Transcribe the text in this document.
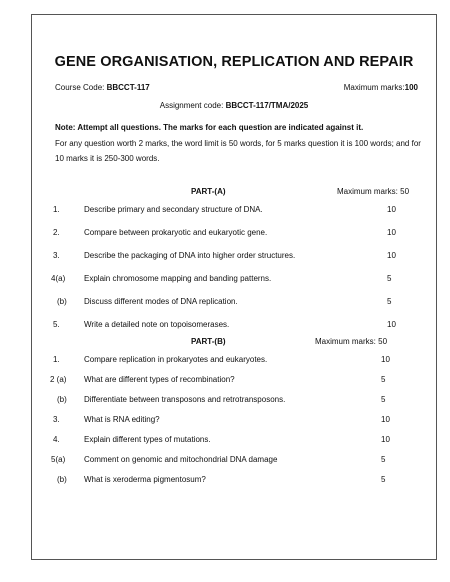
GENE ORGANISATION, REPLICATION AND REPAIR
Course Code: BBCCT-117	Maximum marks:100
Assignment code: BBCCT-117/TMA/2025
Note: Attempt all questions. The marks for each question are indicated against it.
For any question worth 2 marks, the word limit is 50 words, for 5 marks question it is 100 words; and for
10 marks it is 250-300 words.
PART-(A)	Maximum marks: 50
1.	Describe primary and secondary structure of DNA.	10
2.	Compare between prokaryotic and eukaryotic gene.	10
3.	Describe the packaging of DNA into higher order structures.	10
4(a) Explain chromosome mapping and banding patterns.	5
(b) Discuss different modes of DNA replication.	5
5.	Write a detailed note on topoisomerases.	10
PART-(B)	Maximum marks: 50
1.	Compare replication in prokaryotes and eukaryotes.	10
2 (a) What are different types of recombination?	5
(b) Differentiate between transposons and retrotransposons.	5
3.	What is RNA editing?	10
4.	Explain different types of mutations.	10
5(a) Comment on genomic and mitochondrial DNA damage	5
(b) What is xeroderma pigmentosum?	5
